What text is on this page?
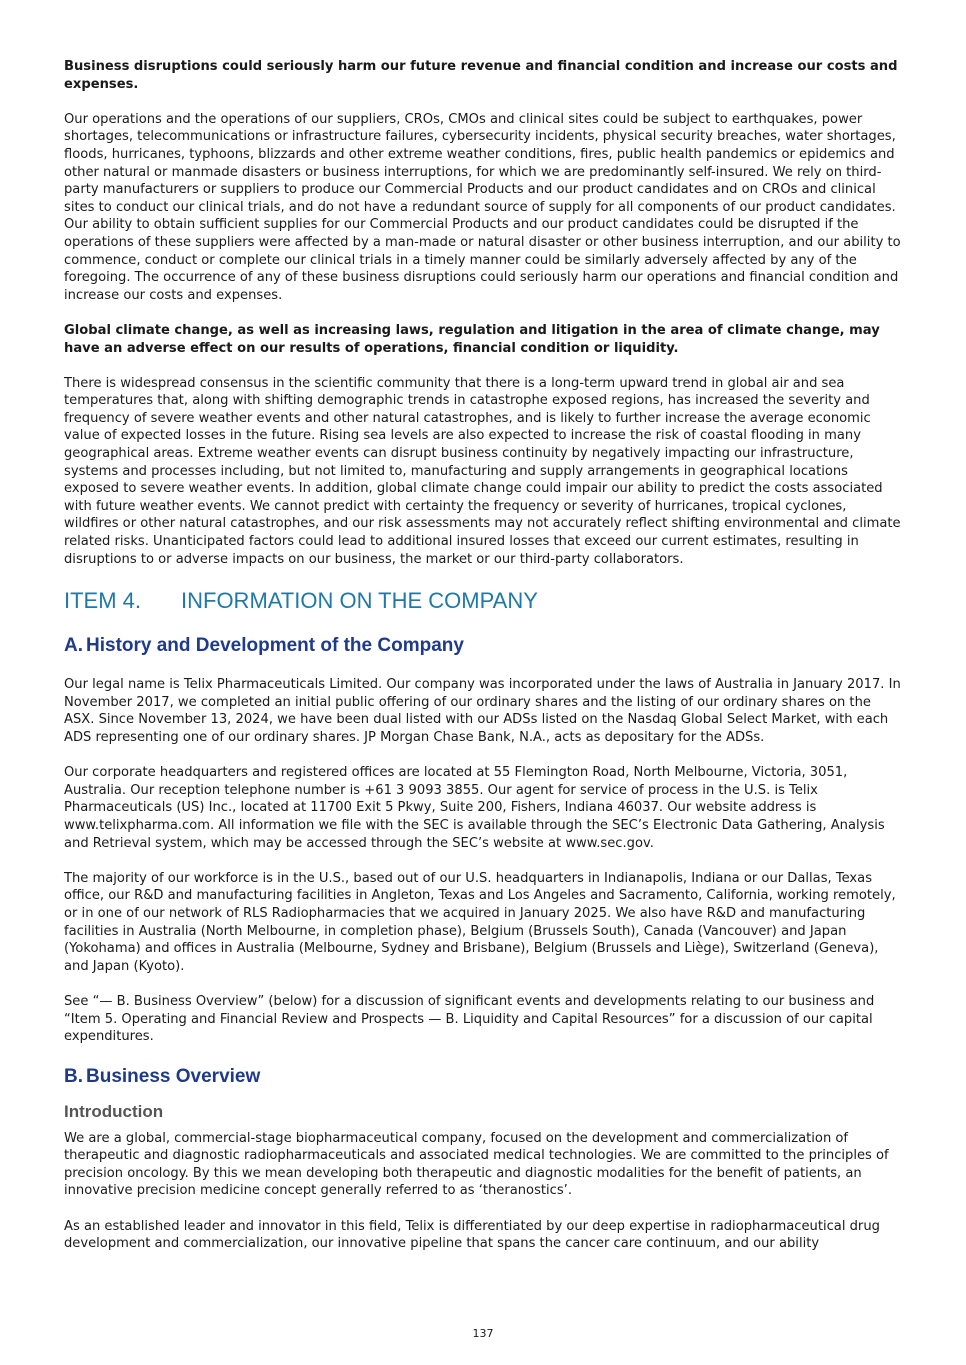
Business disruptions could seriously harm our future revenue and financial condition and increase our costs and expenses.

Our operations and the operations of our suppliers, CROs, CMOs and clinical sites could be subject to earthquakes, power shortages, telecommunications or infrastructure failures, cybersecurity incidents, physical security breaches, water shortages, floods, hurricanes, typhoons, blizzards and other extreme weather conditions, fires, public health pandemics or epidemics and other natural or manmade disasters or business interruptions, for which we are predominantly self-insured. We rely on third-party manufacturers or suppliers to produce our Commercial Products and our product candidates and on CROs and clinical sites to conduct our clinical trials, and do not have a redundant source of supply for all components of our product candidates. Our ability to obtain sufficient supplies for our Commercial Products and our product candidates could be disrupted if the operations of these suppliers were affected by a man-made or natural disaster or other business interruption, and our ability to commence, conduct or complete our clinical trials in a timely manner could be similarly adversely affected by any of the foregoing. The occurrence of any of these business disruptions could seriously harm our operations and financial condition and increase our costs and expenses.

Global climate change, as well as increasing laws, regulation and litigation in the area of climate change, may have an adverse effect on our results of operations, financial condition or liquidity.

There is widespread consensus in the scientific community that there is a long-term upward trend in global air and sea temperatures that, along with shifting demographic trends in catastrophe exposed regions, has increased the severity and frequency of severe weather events and other natural catastrophes, and is likely to further increase the average economic value of expected losses in the future. Rising sea levels are also expected to increase the risk of coastal flooding in many geographical areas. Extreme weather events can disrupt business continuity by negatively impacting our infrastructure, systems and processes including, but not limited to, manufacturing and supply arrangements in geographical locations exposed to severe weather events. In addition, global climate change could impair our ability to predict the costs associated with future weather events. We cannot predict with certainty the frequency or severity of hurricanes, tropical cyclones, wildfires or other natural catastrophes, and our risk assessments may not accurately reflect shifting environmental and climate related risks. Unanticipated factors could lead to additional insured losses that exceed our current estimates, resulting in disruptions to or adverse impacts on our business, the market or our third-party collaborators.

ITEM 4.	INFORMATION ON THE COMPANY
A. History and Development of the Company

Our legal name is Telix Pharmaceuticals Limited. Our company was incorporated under the laws of Australia in January 2017. In November 2017, we completed an initial public offering of our ordinary shares and the listing of our ordinary shares on the ASX. Since November 13, 2024, we have been dual listed with our ADSs listed on the Nasdaq Global Select Market, with each ADS representing one of our ordinary shares. JP Morgan Chase Bank, N.A., acts as depositary for the ADSs.

Our corporate headquarters and registered offices are located at 55 Flemington Road, North Melbourne, Victoria, 3051, Australia. Our reception telephone number is +61 3 9093 3855. Our agent for service of process in the U.S. is Telix Pharmaceuticals (US) Inc., located at 11700 Exit 5 Pkwy, Suite 200, Fishers, Indiana 46037. Our website address is www.telixpharma.com. All information we file with the SEC is available through the SEC’s Electronic Data Gathering, Analysis and Retrieval system, which may be accessed through the SEC’s website at www.sec.gov.

The majority of our workforce is in the U.S., based out of our U.S. headquarters in Indianapolis, Indiana or our Dallas, Texas office, our R&D and manufacturing facilities in Angleton, Texas and Los Angeles and Sacramento, California, working remotely, or in one of our network of RLS Radiopharmacies that we acquired in January 2025. We also have R&D and manufacturing facilities in Australia (North Melbourne, in completion phase), Belgium (Brussels South), Canada (Vancouver) and Japan (Yokohama) and offices in Australia (Melbourne, Sydney and Brisbane), Belgium (Brussels and Liège), Switzerland (Geneva), and Japan (Kyoto).

See “— B. Business Overview” (below) for a discussion of significant events and developments relating to our business and “Item 5. Operating and Financial Review and Prospects — B. Liquidity and Capital Resources” for a discussion of our capital expenditures.

B. Business Overview
Introduction

We are a global, commercial-stage biopharmaceutical company, focused on the development and commercialization of therapeutic and diagnostic radiopharmaceuticals and associated medical technologies. We are committed to the principles of precision oncology. By this we mean developing both therapeutic and diagnostic modalities for the benefit of patients, an innovative precision medicine concept generally referred to as ‘theranostics’.

As an established leader and innovator in this field, Telix is differentiated by our deep expertise in radiopharmaceutical drug development and commercialization, our innovative pipeline that spans the cancer care continuum, and our ability

137
